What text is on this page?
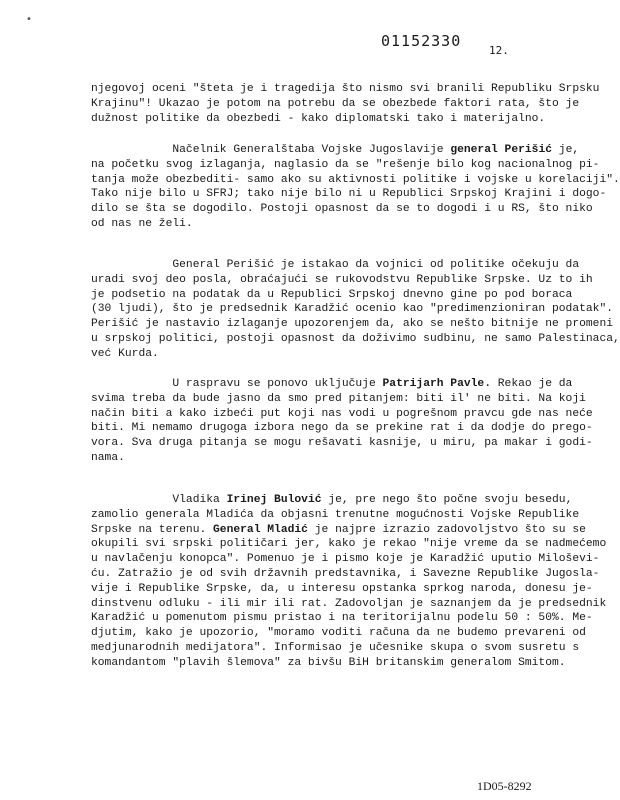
•
01152330
12.
njegovoj oceni "šteta je i tragedija što nismo svi branili Republiku Srpsku
Krajinu"! Ukazao je potom na potrebu da se obezbede faktori rata, što je
dužnost politike da obezbedi - kako diplomatski tako i materijalno.
Načelnik Generalštaba Vojske Jugoslavije general Perišić je,
na početku svog izlaganja, naglasio da se "rešenje bilo kog nacionalnog pi-
tanja može obezbediti- samo ako su aktivnosti politike i vojske u korelaciji".
Tako nije bilo u SFRJ; tako nije bilo ni u Republici Srpskoj Krajini i dogo-
dilo se šta se dogodilo. Postoji opasnost da se to dogodi i u RS, što niko
od nas ne želi.
General Perišić je istakao da vojnici od politike očekuju da
uradi svoj deo posla, obraćajući se rukovodstvu Republike Srpske. Uz to ih
je podsetio na podatak da u Republici Srpskoj dnevno gine po pod boraca
(30 ljudi), što je predsednik Karadžić ocenio kao "predimenzioniran podatak".
Perišić je nastavio izlaganje upozorenjem da, ako se nešto bitnije ne promeni
u srpskoj politici, postoji opasnost da doživimo sudbinu, ne samo Palestinaca,
već Kurda.
U raspravu se ponovo uključuje Patrijarh Pavle. Rekao je da
svima treba da bude jasno da smo pred pitanjem: biti il' ne biti. Na koji
način biti a kako izbeći put koji nas vodi u pogrešnom pravcu gde nas neće
biti. Mi nemamo drugoga izbora nego da se prekine rat i da dodje do prego-
vora. Sva druga pitanja se mogu rešavati kasnije, u miru, pa makar i godi-
nama.
Vladika Irinej Bulović je, pre nego što počne svoju besedu,
zamolio generala Mladića da objasni trenutne mogućnosti Vojske Republike
Srpske na terenu. General Mladić je najpre izrazio zadovoljstvo što su se
okupili svi srpski političari jer, kako je rekao "nije vreme da se nadmećemo
u navlačenju konopca". Pomenuo je i pismo koje je Karadžić uputio Miloševi-
ću. Zatražio je od svih državnih predstavnika, i Savezne Republike Jugosla-
vije i Republike Srpske, da, u interesu opstanka sprkog naroda, donesu je-
dinstvenu odluku - ili mir ili rat. Zadovoljan je saznanjem da je predsednik
Karadžić u pomenutom pismu pristao i na teritorijalnu podelu 50 : 50%. Me-
djutim, kako je upozorio, "moramo voditi računa da ne budemo prevareni od
medjunarodnih medijatora". Informisao je učesnike skupa o svom susretu s
komandantom "plavih šlemova" za bivšu BiH britanskim generalom Smitom.
1D05-8292
